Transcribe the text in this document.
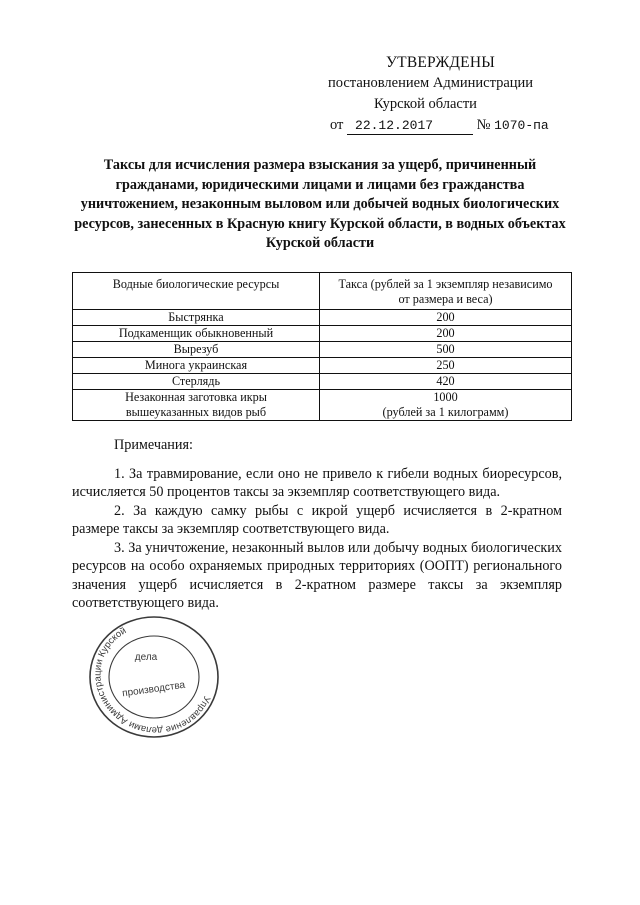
УТВЕРЖДЕНЫ
постановлением Администрации
Курской области
от 22.12.2017	№ 1070-па
Таксы для исчисления размера взыскания за ущерб, причиненный гражданами, юридическими лицами и лицами без гражданства уничтожением, незаконным выловом или добычей водных биологических ресурсов, занесенных в Красную книгу Курской области, в водных объектах Курской области
Водные биологические ресурсы	Такса (рублей за 1 экземпляр независимо
от размера и веса)
Быстрянка	200
Подкаменщик обыкновенный	200
Вырезуб	500
Минога украинская	250
Стерлядь	420
Незаконная заготовка икры
вышеуказанных видов рыб	1000
(рублей за 1 килограмм)
Примечания:

1. За травмирование, если оно не привело к гибели водных биоресурсов, исчисляется 50 процентов таксы за экземпляр соответствующего вида.

2. За каждую самку рыбы с икрой ущерб исчисляется в 2-кратном размере таксы за экземпляр соответствующего вида.

3. За уничтожение, незаконный вылов или добычу водных биологических ресурсов на особо охраняемых природных территориях (ООПТ) регионального значения ущерб исчисляется в 2-кратном размере таксы за экземпляр соответствующего вида.

Управление делами Администрации Курской
дела
производства
